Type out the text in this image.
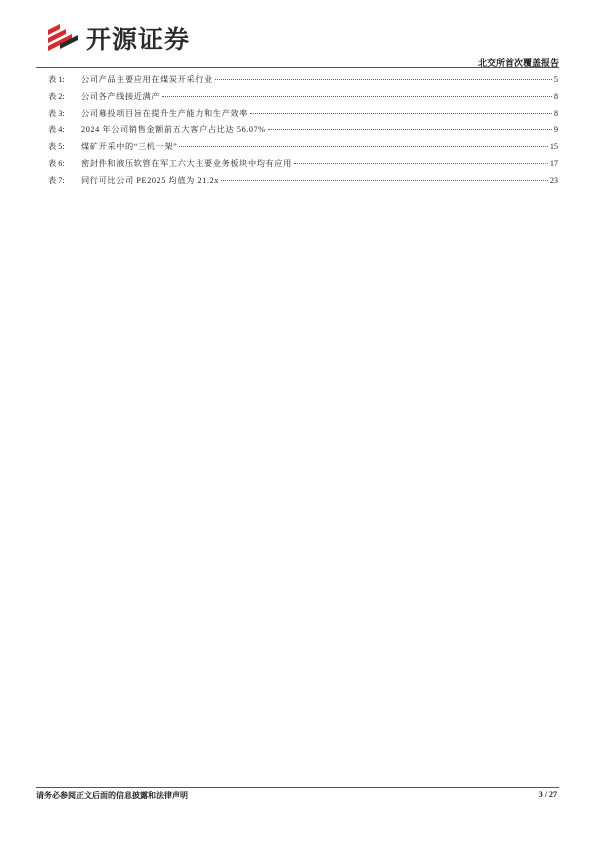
开源证券
北交所首次覆盖报告
表 1:	公司产品主要应用在煤炭开采行业	5
表 2:	公司各产线接近满产	8
表 3:	公司募投项目旨在提升生产能力和生产效率	8
表 4:	2024 年公司销售金额前五大客户占比达 56.07%	9
表 5:	煤矿开采中的“三机一架”	15
表 6:	密封件和液压软管在军工六大主要业务板块中均有应用	17
表 7:	同行可比公司 PE2025 均值为 21.2x	23
请务必参阅正文后面的信息披露和法律声明	3 / 27
